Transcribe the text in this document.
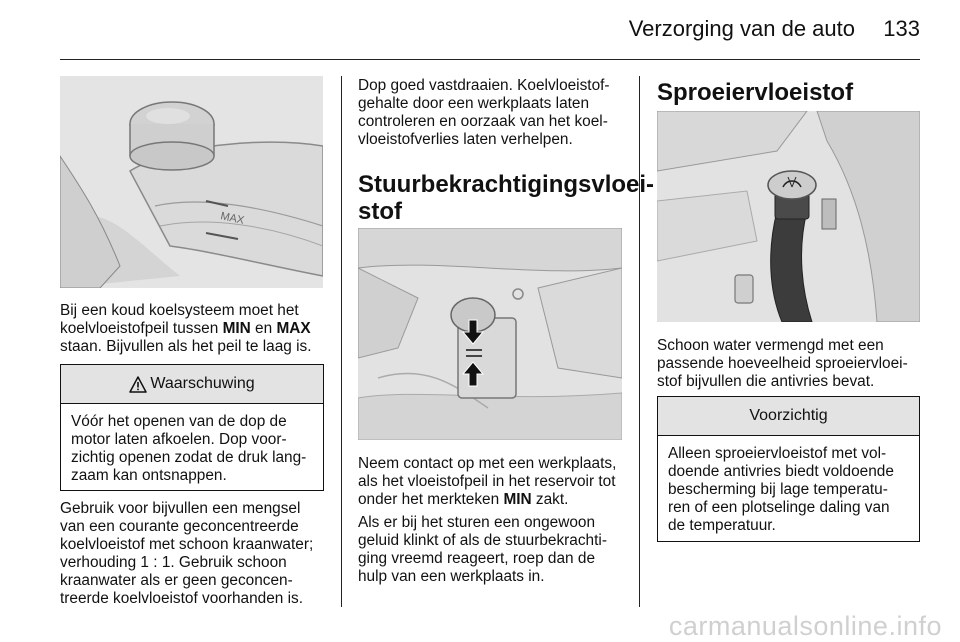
Verzorging van de auto	133
MAX

Bij een koud koelsysteem moet het
koelvloeistofpeil tussen MIN en MAX
staan. Bijvullen als het peil te laag is.

Waarschuwing
Vóór het openen van de dop de
motor laten afkoelen. Dop voor-
zichtig openen zodat de druk lang-
zaam kan ontsnappen.

Gebruik voor bijvullen een mengsel
van een courante geconcentreerde
koelvloeistof met schoon kraanwater;
verhouding 1 : 1. Gebruik schoon
kraanwater als er geen geconcen-
treerde koelvloeistof voorhanden is.

Dop goed vastdraaien. Koelvloeistof-
gehalte door een werkplaats laten
controleren en oorzaak van het koel-
vloeistofverlies laten verhelpen.

Stuurbekrachtigingsvloei-
stof

Neem contact op met een werkplaats,
als het vloeistofpeil in het reservoir tot
onder het merkteken MIN zakt.

Als er bij het sturen een ongewoon
geluid klinkt of als de stuurbekrachti-
ging vreemd reageert, roep dan de
hulp van een werkplaats in.

Sproeiervloeistof

Schoon water vermengd met een
passende hoeveelheid sproeiervloei-
stof bijvullen die antivries bevat.

Voorzichtig
Alleen sproeiervloeistof met vol-
doende antivries biedt voldoende
bescherming bij lage temperatu-
ren of een plotselinge daling van
de temperatuur.
carmanualsonline.info
